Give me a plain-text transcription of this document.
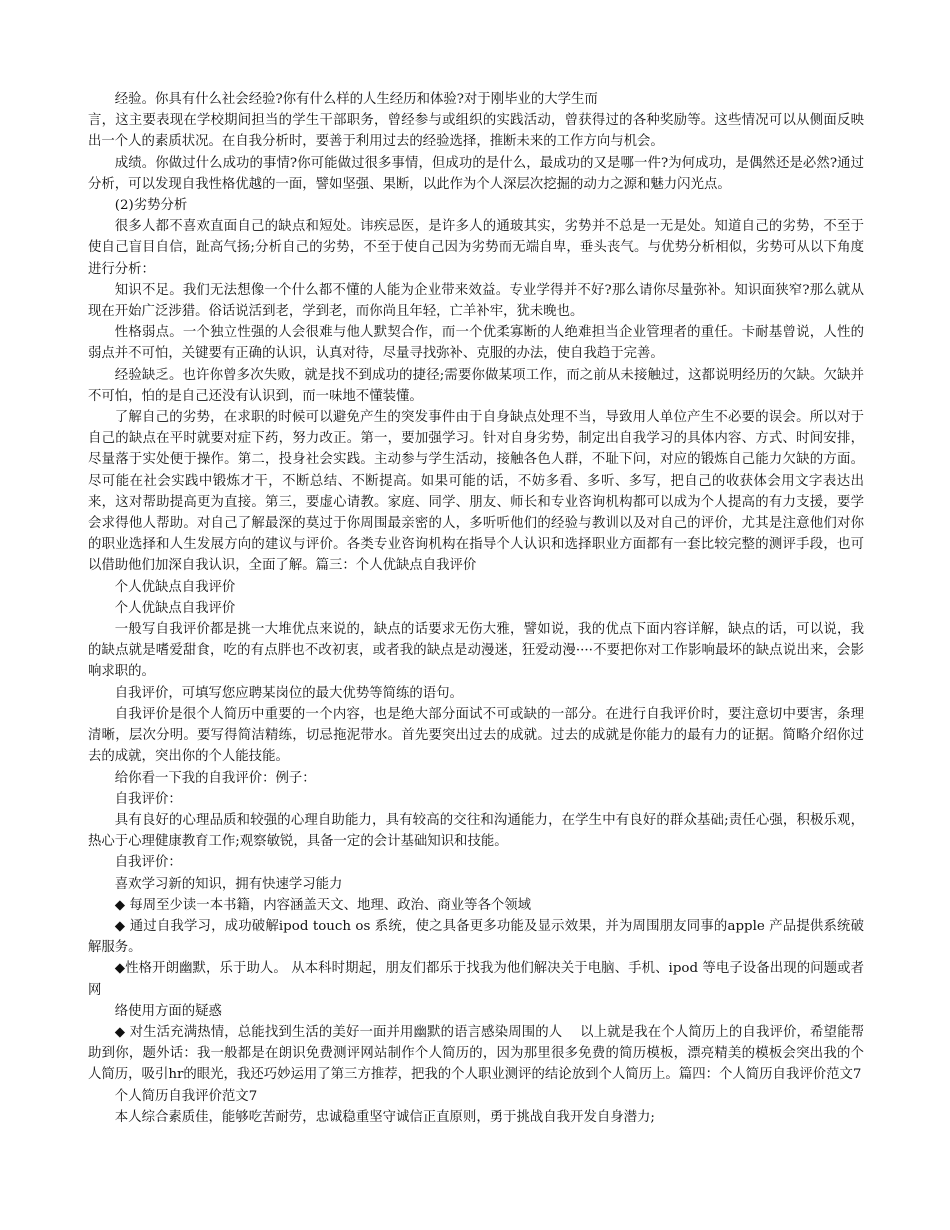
经验。你具有什么社会经验?你有什么样的人生经历和体验?对于刚毕业的大学生而

言，这主要表现在学校期间担当的学生干部职务，曾经参与或组织的实践活动，曾获得过的各种奖励等。这些情况可以从侧面反映出一个人的素质状况。在自我分析时，要善于利用过去的经验选择，推断未来的工作方向与机会。

成绩。你做过什么成功的事情?你可能做过很多事情，但成功的是什么，最成功的又是哪一件?为何成功，是偶然还是必然?通过分析，可以发现自我性格优越的一面，譬如坚强、果断，以此作为个人深层次挖掘的动力之源和魅力闪光点。

(2)劣势分析

很多人都不喜欢直面自己的缺点和短处。讳疾忌医，是许多人的通玻其实，劣势并不总是一无是处。知道自己的劣势，不至于使自己盲目自信，趾高气扬;分析自己的劣势，不至于使自己因为劣势而无端自卑，垂头丧气。与优势分析相似，劣势可从以下角度进行分析：

知识不足。我们无法想像一个什么都不懂的人能为企业带来效益。专业学得并不好?那么请你尽量弥补。知识面狭窄?那么就从现在开始广泛涉猎。俗话说活到老，学到老，而你尚且年轻，亡羊补牢，犹未晚也。

性格弱点。一个独立性强的人会很难与他人默契合作，而一个优柔寡断的人绝难担当企业管理者的重任。卡耐基曾说，人性的弱点并不可怕，关键要有正确的认识，认真对待，尽量寻找弥补、克服的办法，使自我趋于完善。

经验缺乏。也许你曾多次失败，就是找不到成功的捷径;需要你做某项工作，而之前从未接触过，这都说明经历的欠缺。欠缺并不可怕，怕的是自己还没有认识到，而一味地不懂装懂。

了解自己的劣势，在求职的时候可以避免产生的突发事件由于自身缺点处理不当，导致用人单位产生不必要的误会。所以对于自己的缺点在平时就要对症下药，努力改正。第一，要加强学习。针对自身劣势，制定出自我学习的具体内容、方式、时间安排，尽量落于实处便于操作。第二，投身社会实践。主动参与学生活动，接触各色人群，不耻下问，对应的锻炼自己能力欠缺的方面。尽可能在社会实践中锻炼才干，不断总结、不断提高。如果可能的话，不妨多看、多听、多写，把自己的收获体会用文字表达出来，这对帮助提高更为直接。第三，要虚心请教。家庭、同学、朋友、师长和专业咨询机构都可以成为个人提高的有力支援，要学会求得他人帮助。对自己了解最深的莫过于你周围最亲密的人，多听听他们的经验与教训以及对自己的评价，尤其是注意他们对你的职业选择和人生发展方向的建议与评价。各类专业咨询机构在指导个人认识和选择职业方面都有一套比较完整的测评手段，也可以借助他们加深自我认识，全面了解。篇三：个人优缺点自我评价

个人优缺点自我评价

个人优缺点自我评价

一般写自我评价都是挑一大堆优点来说的，缺点的话要求无伤大雅，譬如说，我的优点下面内容详解，缺点的话，可以说，我的缺点就是嗜爱甜食，吃的有点胖也不改初衷，或者我的缺点是动漫迷，狂爱动漫····不要把你对工作影响最坏的缺点说出来，会影响求职的。

自我评价，可填写您应聘某岗位的最大优势等简练的语句。

自我评价是很个人简历中重要的一个内容，也是绝大部分面试不可或缺的一部分。在进行自我评价时，要注意切中要害，条理清晰，层次分明。要写得简洁精练，切忌拖泥带水。首先要突出过去的成就。过去的成就是你能力的最有力的证据。简略介绍你过去的成就，突出你的个人能技能。

给你看一下我的自我评价：例子：

自我评价：

具有良好的心理品质和较强的心理自助能力，具有较高的交往和沟通能力，在学生中有良好的群众基础;责任心强，积极乐观，热心于心理健康教育工作;观察敏锐，具备一定的会计基础知识和技能。

自我评价：

喜欢学习新的知识，拥有快速学习能力

◆ 每周至少读一本书籍，内容涵盖天文、地理、政治、商业等各个领域

◆ 通过自我学习，成功破解ipod touch os 系统，使之具备更多功能及显示效果，并为周围朋友同事的apple 产品提供系统破解服务。

◆性格开朗幽默，乐于助人。 从本科时期起，朋友们都乐于找我为他们解决关于电脑、手机、ipod 等电子设备出现的问题或者网

络使用方面的疑惑

◆ 对生活充满热情，总能找到生活的美好一面并用幽默的语言感染周围的人　 以上就是我在个人简历上的自我评价，希望能帮助到你，题外话：我一般都是在朗识免费测评网站制作个人简历的，因为那里很多免费的简历模板，漂亮精美的模板会突出我的个人简历，吸引hr的眼光，我还巧妙运用了第三方推荐，把我的个人职业测评的结论放到个人简历上。篇四：个人简历自我评价范文7

个人简历自我评价范文7

本人综合素质佳，能够吃苦耐劳，忠诚稳重坚守诚信正直原则，勇于挑战自我开发自身潜力;
